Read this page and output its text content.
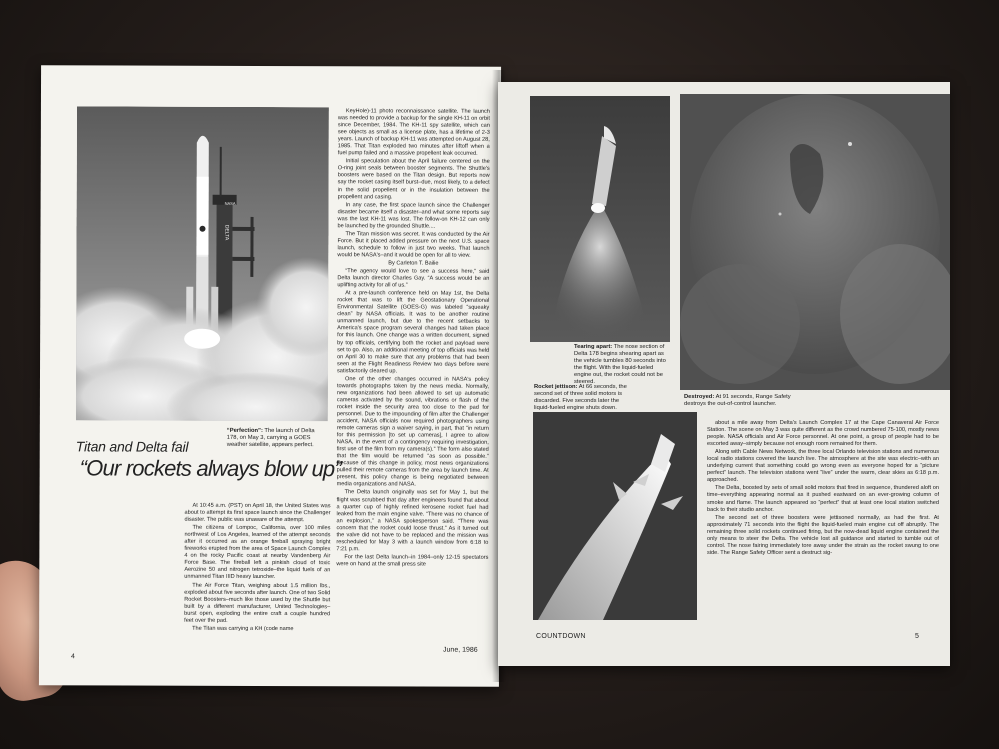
NASA
DELTA
“Perfection”: The launch of Delta 178, on May 3, carrying a GOES weather satellite, appears perfect.
Titan and Delta fail
“Our rockets always blow up”

At 10:45 a.m. (PST) on April 18, the United States was about to attempt its first space launch since the Challenger disaster. The public was unaware of the attempt.

The citizens of Lompoc, California, over 100 miles northwest of Los Angeles, learned of the attempt seconds after it occurred as an orange fireball spraying bright fireworks erupted from the area of Space Launch Complex 4 on the rocky Pacific coast at nearby Vandenberg Air Force Base. The fireball left a pinkish cloud of toxic Aerozine 50 and nitrogen tetroxide–the liquid fuels of an unmanned Titan IIID heavy launcher.

The Air Force Titan, weighing about 1.5 million lbs., exploded about five seconds after launch. One of two Solid Rocket Boosters–much like those used by the Shuttle but built by a different manufacturer, United Technologies–burst open, exploding the entire craft a couple hundred feet over the pad.

The Titan was carrying a KH (code name

KeyHole)-11 photo reconnaissance satellite. The launch was needed to provide a backup for the single KH-11 on orbit since December, 1984. The KH-11 spy satellite, which can see objects as small as a license plate, has a lifetime of 2-3 years. Launch of backup KH-11 was attempted on August 28, 1985. That Titan exploded two minutes after liftoff when a fuel pump failed and a massive propellent leak occurred.

Initial speculation about the April failure centered on the O-ring joint seals between booster segments. The Shuttle's boosters were based on the Titan design. But reports now say the rocket casing itself burst–due, most likely, to a defect in the solid propellent or in the insulation between the propellent and casing.

In any case, the first space launch since the Challenger disaster became itself a disaster–and what some reports say was the last KH-11 was lost. The follow-on KH-12 can only be launched by the grounded Shuttle....

The Titan mission was secret. It was conducted by the Air Force. But it placed added pressure on the next U.S. space launch, schedule to follow in just two weeks. That launch would be NASA's–and it would be open for all to view.

By Carleton T. Bailie

“The agency would love to see a success here,” said Delta launch director Charles Gay. “A success would be an uplifting activity for all of us.”

At a pre-launch conference held on May 1st, the Delta rocket that was to lift the Geostationary Operational Environmental Satellite (GOES-G) was labeled “squeaky clean” by NASA officials. It was to be another routine unmanned launch, but due to the recent setbacks to America's space program several changes had taken place for this launch. One change was a written document, signed by top officials, certifying both the rocket and payload were set to go. Also, an additional meeting of top officials was held on April 30 to make sure that any problems that had been seen at the Flight Readiness Review two days before were satisfactorily cleared up.

One of the other changes occurred in NASA's policy towards photographs taken by the news media. Normally, new organizations had been allowed to set up automatic cameras activated by the sound, vibrations or flash of the rocket inside the security area too close to the pad for personnel. Due to the impounding of film after the Challenger accident, NASA officials now required photographers using remote cameras sign a waiver saying, in part, that “in return for this permission [to set up cameras], I agree to allow NASA, in the event of a contingency requiring investigation, first use of the film from my camera(s).” The form also stated that the film would be returned “as soon as possible.” Because of this change in policy, most news organizations pulled their remote cameras from the area by launch time. At present, this policy change is being negotiated between media organizations and NASA.

The Delta launch originally was set for May 1, but the flight was scrubbed that day after engineers found that about a quarter cup of highly refined kerosene rocket fuel had leaked from the main engine valve. “There was no chance of an explosion,” a NASA spokesperson said. “There was concern that the rocket could loose thrust.” As it turned out the valve did not have to be replaced and the mission was rescheduled for May 3 with a launch window from 6:18 to 7:21 p.m.

For the last Delta launch–in 1984–only 12-15 spectators were on hand at the small press site

4
June, 1986
Tearing apart: The nose section of Delta 178 begins shearing apart as the vehicle tumbles 80 seconds into the flight. With the liquid-fueled engine out, the rocket could not be steered.
Rocket jettison: At 66 seconds, the second set of three solid motors is discarded. Five seconds later the liquid-fueled engine shuts down.
Destroyed: At 91 seconds, Range Safety destroys the out-of-control launcher.

about a mile away from Delta's Launch Complex 17 at the Cape Canaveral Air Force Station. The scene on May 3 was quite different as the crowd numbered 75-100, mostly news people. NASA officials and Air Force personnel. At one point, a group of people had to be escorted away–simply because not enough room remained for them.

Along with Cable News Network, the three local Orlando television stations and numerous local radio stations covered the launch live. The atmosphere at the site was electric–with an underlying current that something could go wrong even as everyone hoped for a “picture perfect” launch. The television stations went “live” under the warm, clear skies as 6:18 p.m. approached.

The Delta, boosted by sets of small solid motors that fired in sequence, thundered aloft on time–everything appearing normal as it pushed eastward on an ever-growing column of smoke and flame. The launch appeared so “perfect” that at least one local station switched back to their studio anchor.

The second set of three boosters were jettisoned normally, as had the first. At approximately 71 seconds into the flight the liquid-fueled main engine cut off abruptly. The remaining three solid rockets continued firing, but the now-dead liquid engine contained the only means to steer the Delta. The vehicle lost all guidance and started to tumble out of control. The nose fairing immediately tore away under the strain as the rocket swung to one side. The Range Safety Officer sent a destruct sig-

COUNTDOWN	5
